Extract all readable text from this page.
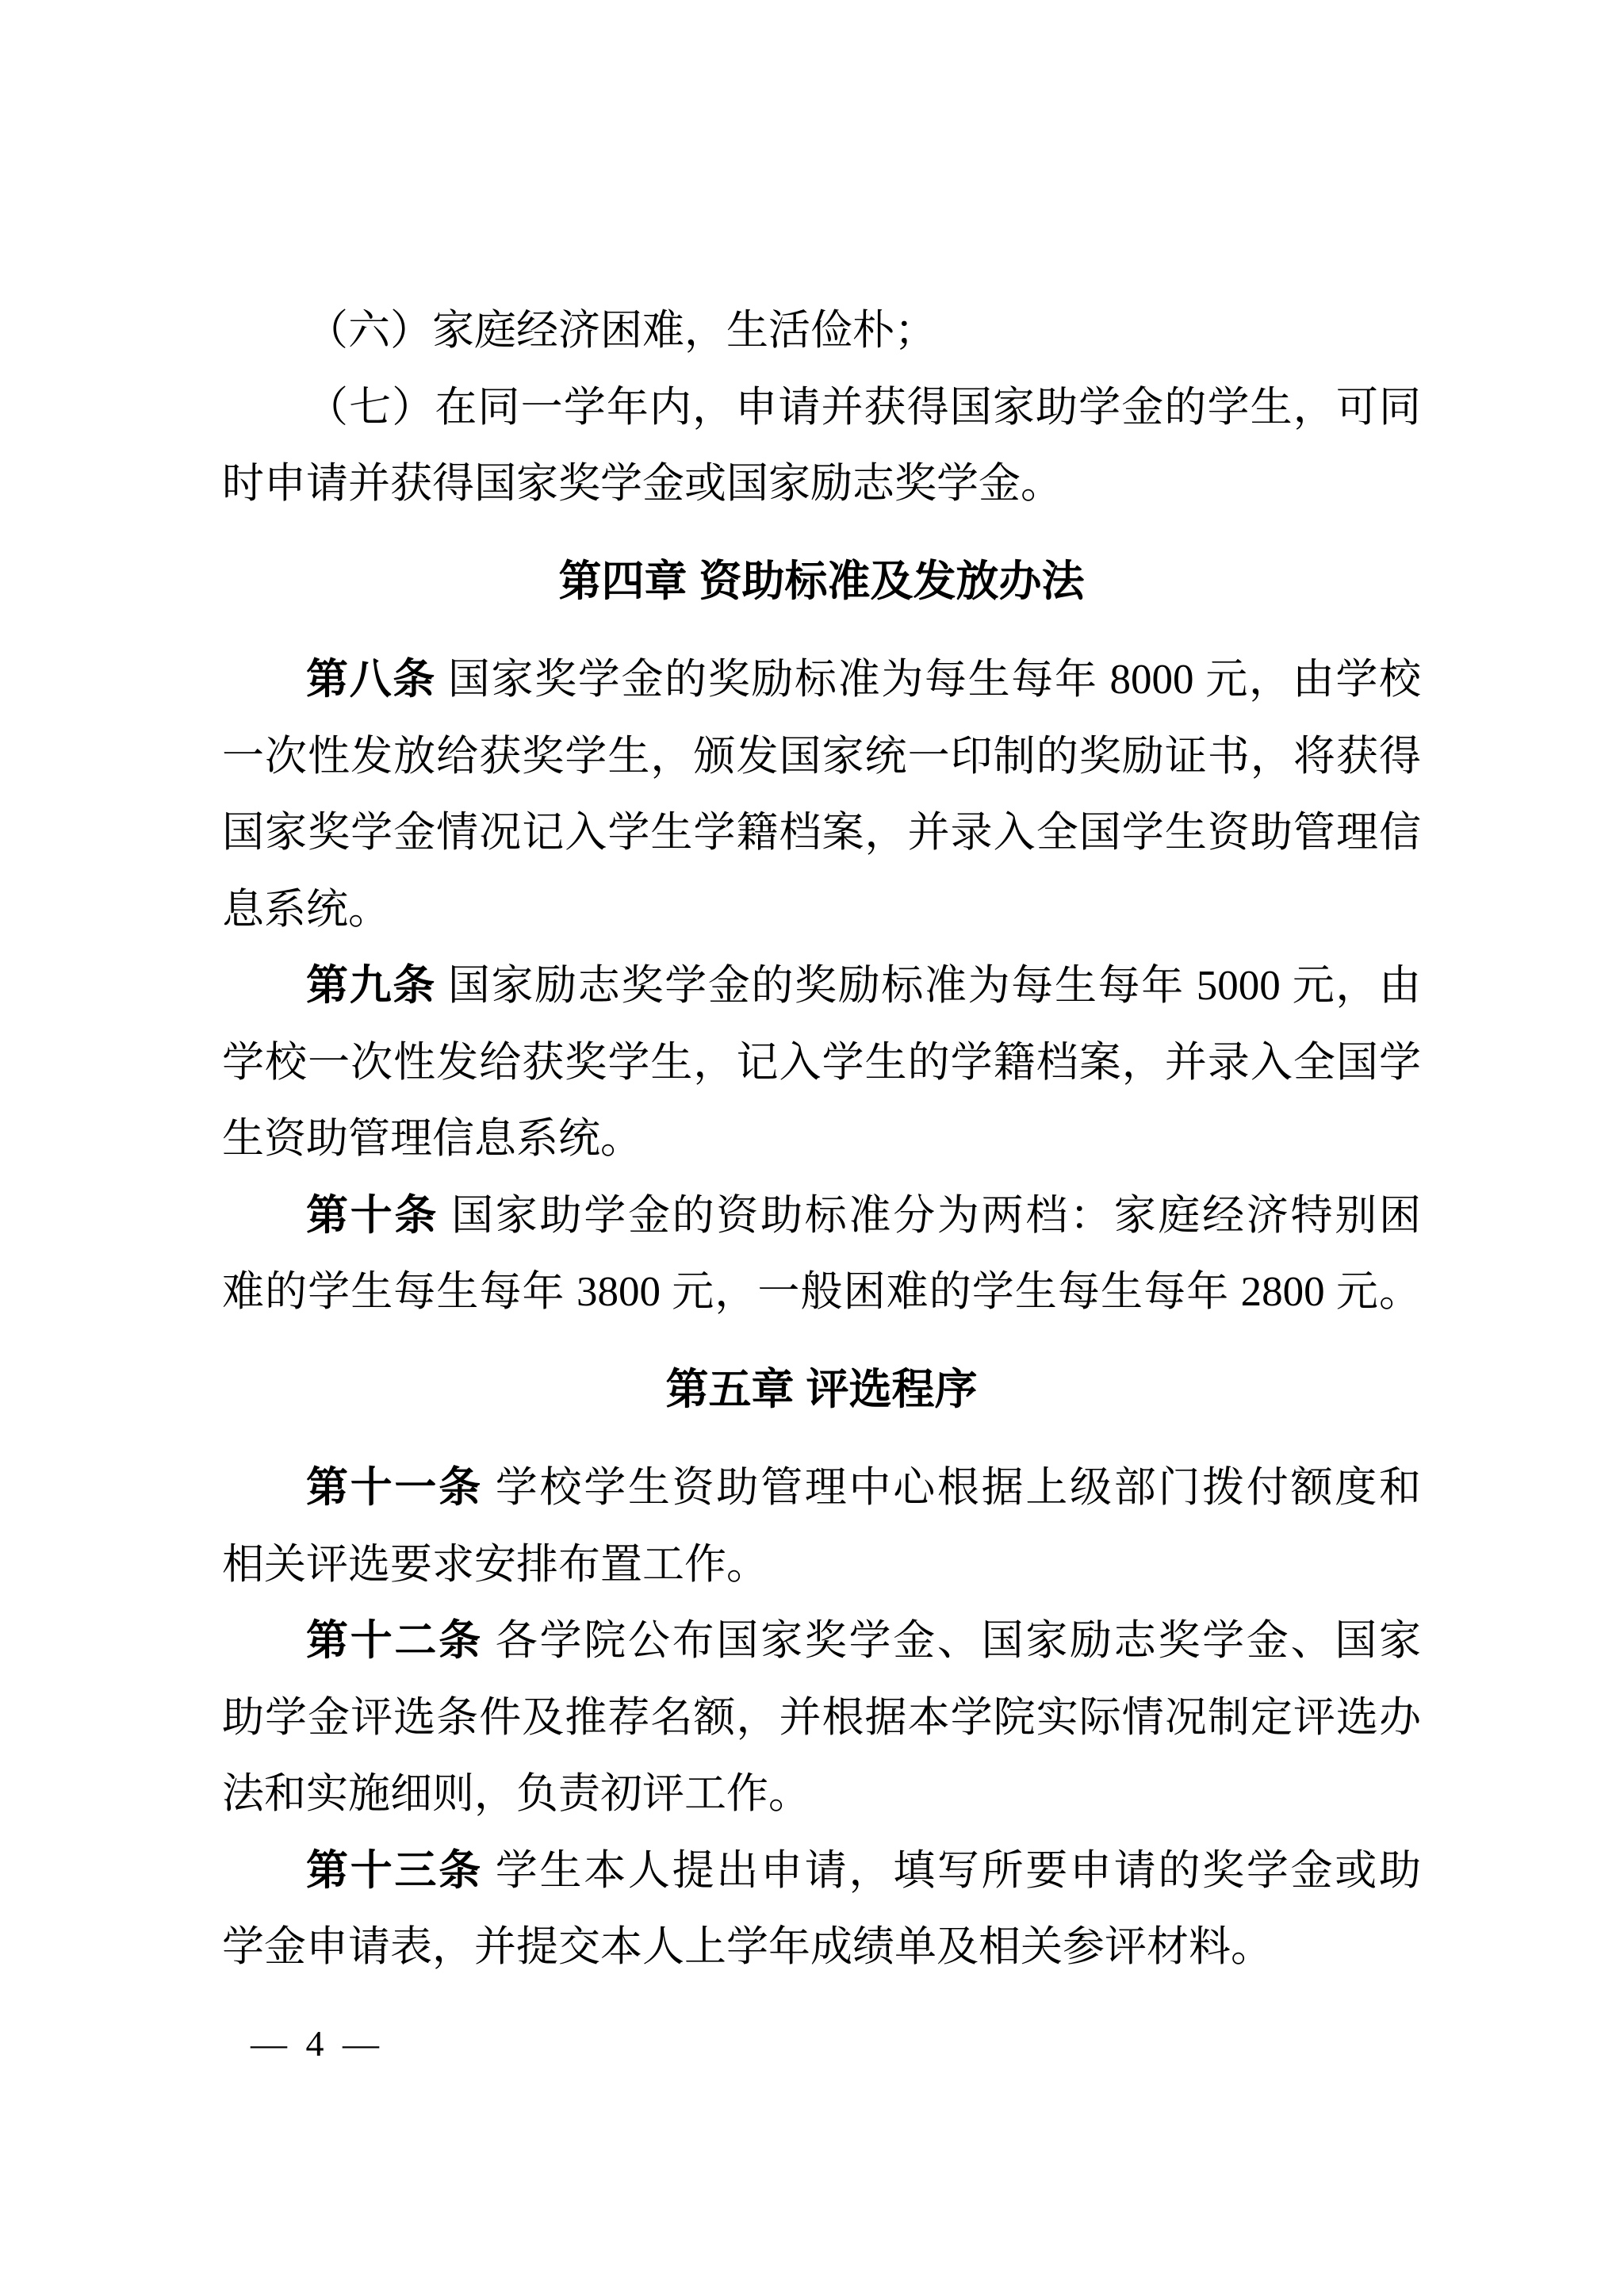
（六）家庭经济困难，生活俭朴；
（七）在同一学年内，申请并获得国家助学金的学生，可同
时申请并获得国家奖学金或国家励志奖学金。
第四章 资助标准及发放办法
第八条 国家奖学金的奖励标准为每生每年 8000 元，由学校
一次性发放给获奖学生，颁发国家统一印制的奖励证书，将获得
国家奖学金情况记入学生学籍档案，并录入全国学生资助管理信
息系统。
第九条 国家励志奖学金的奖励标准为每生每年 5000 元，由
学校一次性发给获奖学生，记入学生的学籍档案，并录入全国学
生资助管理信息系统。
第十条 国家助学金的资助标准分为两档：家庭经济特别困
难的学生每生每年 3800 元，一般困难的学生每生每年 2800 元。
第五章 评选程序
第十一条 学校学生资助管理中心根据上级部门拨付额度和
相关评选要求安排布置工作。
第十二条 各学院公布国家奖学金、国家励志奖学金、国家
助学金评选条件及推荐名额，并根据本学院实际情况制定评选办
法和实施细则，负责初评工作。
第十三条 学生本人提出申请，填写所要申请的奖学金或助
学金申请表，并提交本人上学年成绩单及相关参评材料。
— 4 —
